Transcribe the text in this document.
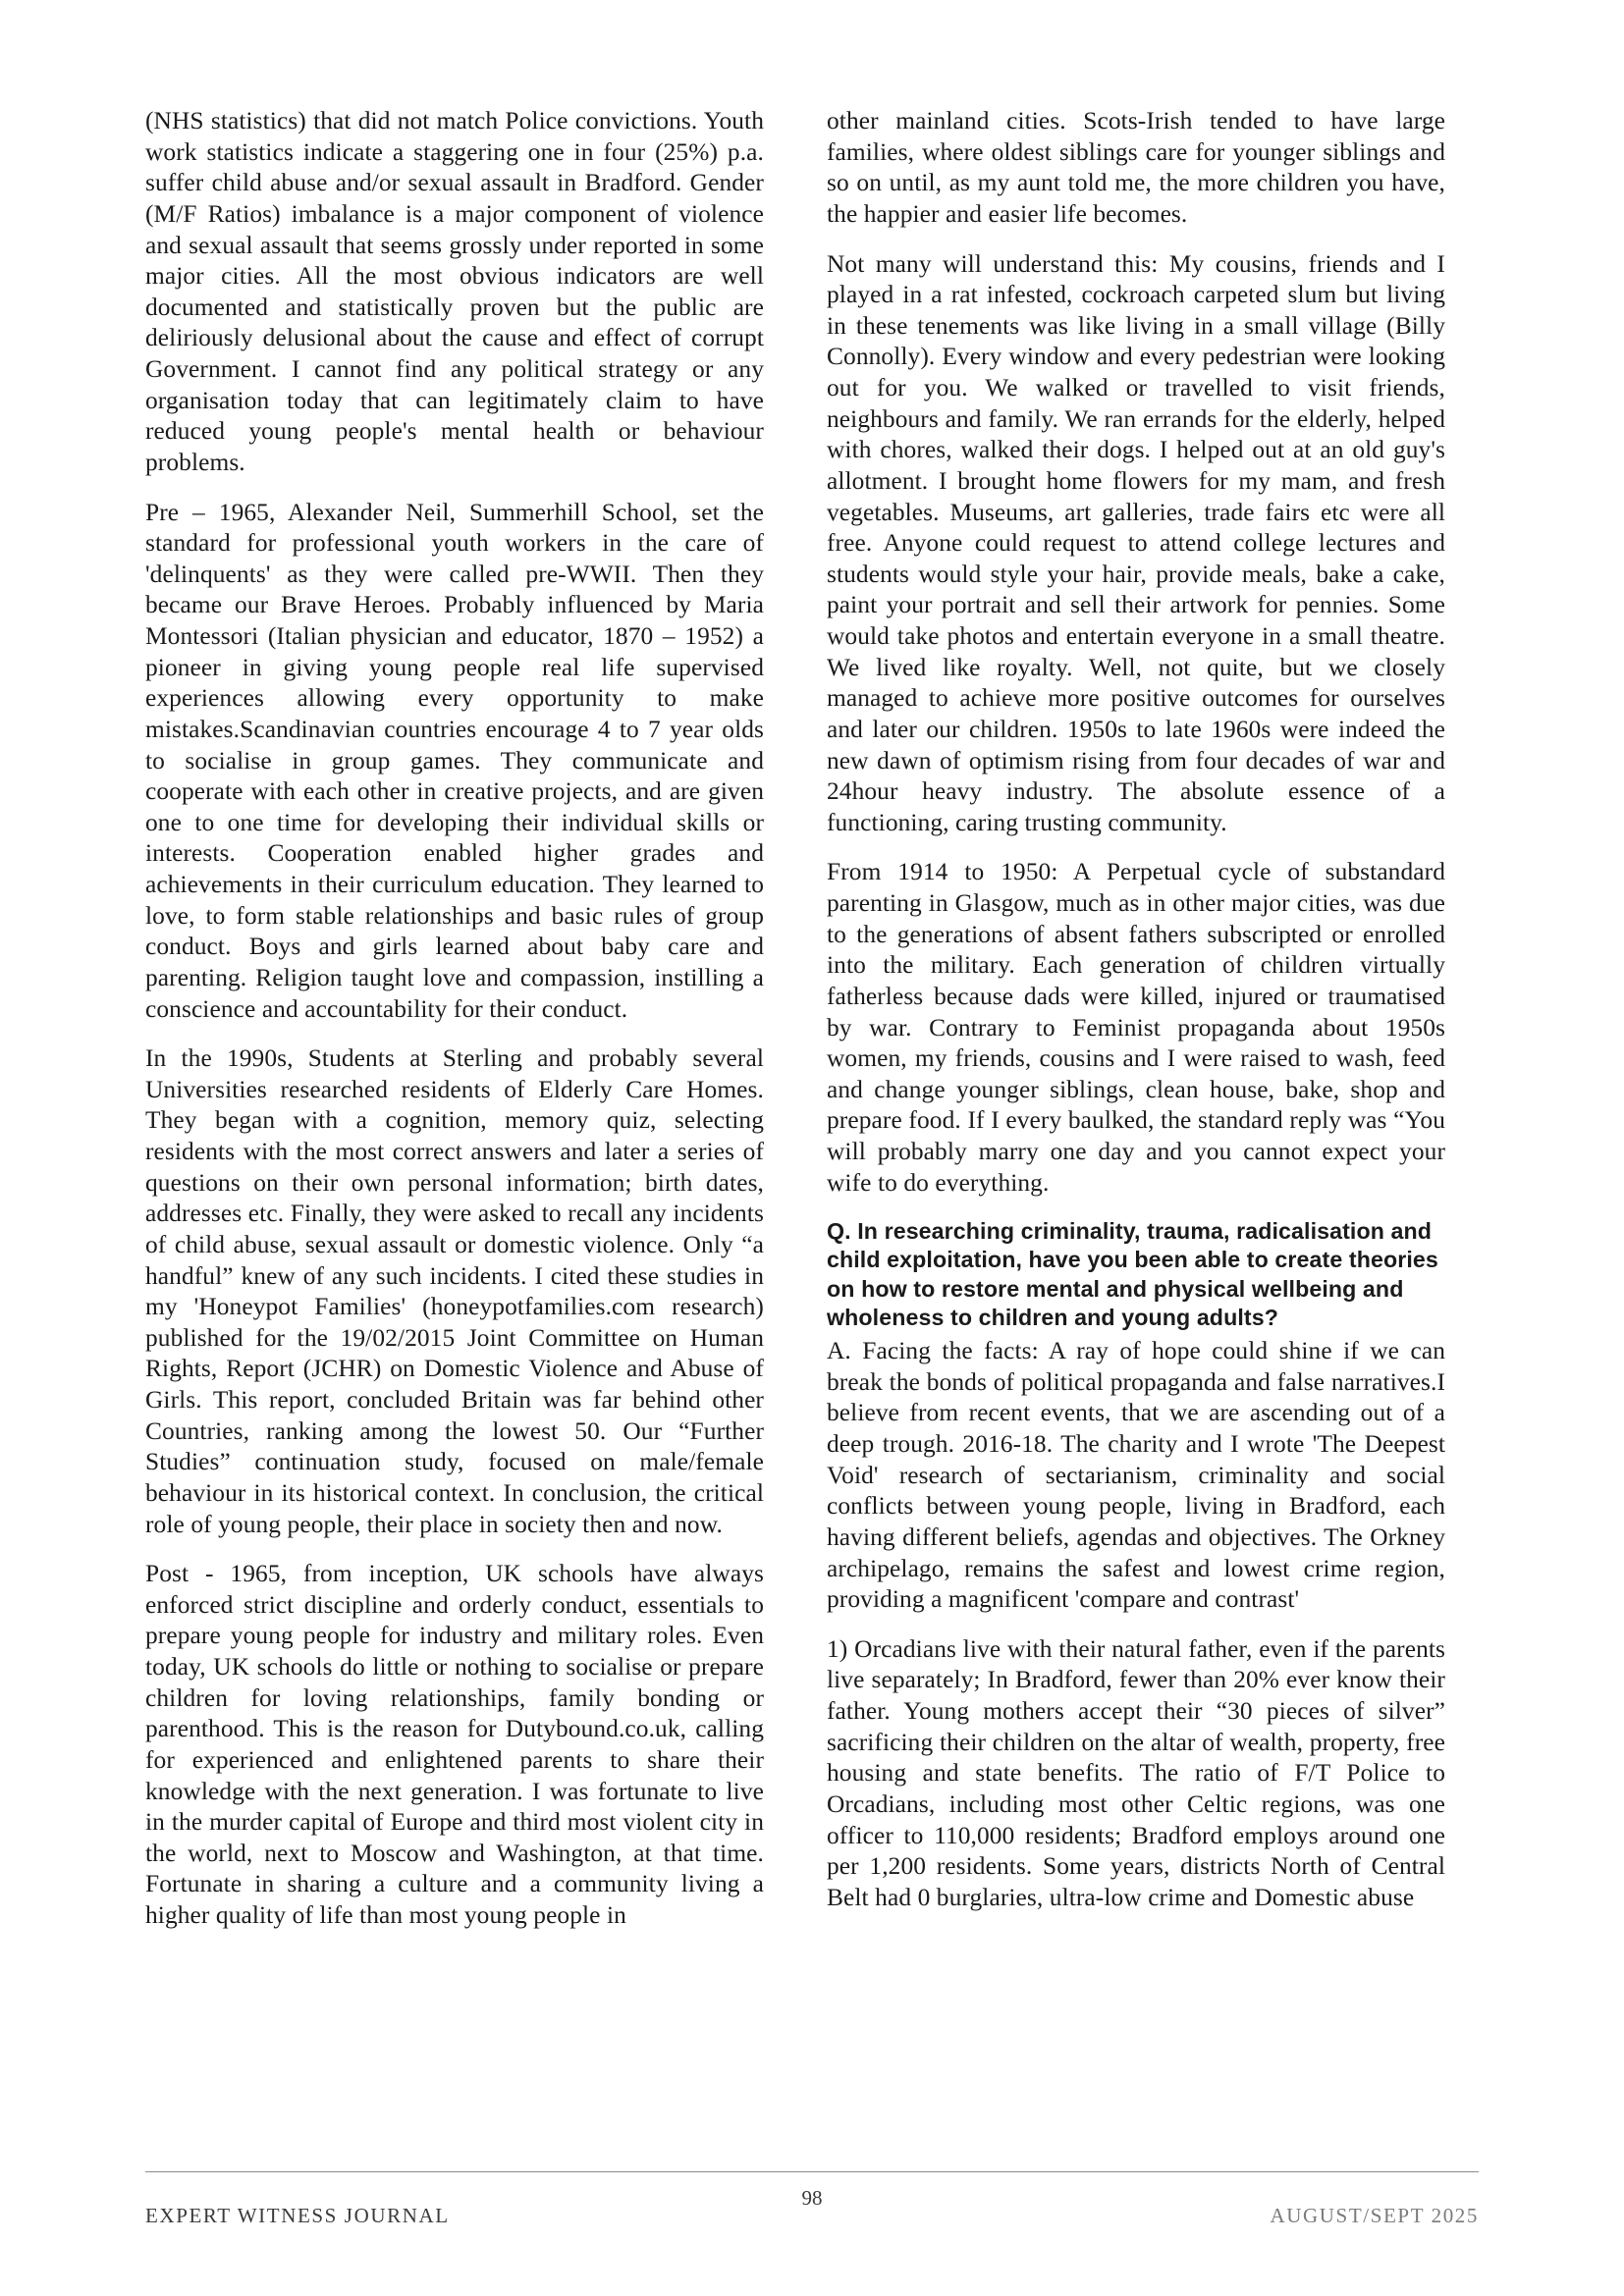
(NHS statistics) that did not match Police convictions. Youth work statistics indicate a staggering one in four (25%) p.a. suffer child abuse and/or sexual assault in Bradford. Gender (M/F Ratios) imbalance is a major component of violence and sexual assault that seems grossly under reported in some major cities. All the most obvious indicators are well documented and statistically proven but the public are deliriously delusional about the cause and effect of corrupt Government. I cannot find any political strategy or any organisation today that can legitimately claim to have reduced young people's mental health or behaviour problems.

Pre – 1965, Alexander Neil, Summerhill School, set the standard for professional youth workers in the care of 'delinquents' as they were called pre-WWII. Then they became our Brave Heroes. Probably influenced by Maria Montessori (Italian physician and educator, 1870 – 1952) a pioneer in giving young people real life supervised experiences allowing every opportunity to make mistakes.Scandinavian countries encourage 4 to 7 year olds to socialise in group games. They communicate and cooperate with each other in creative projects, and are given one to one time for developing their individual skills or interests. Cooperation enabled higher grades and achievements in their curriculum education. They learned to love, to form stable relationships and basic rules of group conduct. Boys and girls learned about baby care and parenting. Religion taught love and compassion, instilling a conscience and accountability for their conduct.

In the 1990s, Students at Sterling and probably several Universities researched residents of Elderly Care Homes. They began with a cognition, memory quiz, selecting residents with the most correct answers and later a series of questions on their own personal information; birth dates, addresses etc. Finally, they were asked to recall any incidents of child abuse, sexual assault or domestic violence. Only “a handful” knew of any such incidents. I cited these studies in my 'Honeypot Families' (honeypotfamilies.com research) published for the 19/02/2015 Joint Committee on Human Rights, Report (JCHR) on Domestic Violence and Abuse of Girls. This report, concluded Britain was far behind other Countries, ranking among the lowest 50. Our “Further Studies” continuation study, focused on male/female behaviour in its historical context. In conclusion, the critical role of young people, their place in society then and now.

Post - 1965, from inception, UK schools have always enforced strict discipline and orderly conduct, essentials to prepare young people for industry and military roles. Even today, UK schools do little or nothing to socialise or prepare children for loving relationships, family bonding or parenthood. This is the reason for Dutybound.co.uk, calling for experienced and enlightened parents to share their knowledge with the next generation. I was fortunate to live in the murder capital of Europe and third most violent city in the world, next to Moscow and Washington, at that time. Fortunate in sharing a culture and a community living a higher quality of life than most young people in

other mainland cities. Scots-Irish tended to have large families, where oldest siblings care for younger siblings and so on until, as my aunt told me, the more children you have, the happier and easier life becomes.

Not many will understand this: My cousins, friends and I played in a rat infested, cockroach carpeted slum but living in these tenements was like living in a small village (Billy Connolly). Every window and every pedestrian were looking out for you. We walked or travelled to visit friends, neighbours and family. We ran errands for the elderly, helped with chores, walked their dogs. I helped out at an old guy's allotment. I brought home flowers for my mam, and fresh vegetables. Museums, art galleries, trade fairs etc were all free. Anyone could request to attend college lectures and students would style your hair, provide meals, bake a cake, paint your portrait and sell their artwork for pennies. Some would take photos and entertain everyone in a small theatre. We lived like royalty. Well, not quite, but we closely managed to achieve more positive outcomes for ourselves and later our children. 1950s to late 1960s were indeed the new dawn of optimism rising from four decades of war and 24hour heavy industry. The absolute essence of a functioning, caring trusting community.

From 1914 to 1950: A Perpetual cycle of substandard parenting in Glasgow, much as in other major cities, was due to the generations of absent fathers subscripted or enrolled into the military. Each generation of children virtually fatherless because dads were killed, injured or traumatised by war. Contrary to Feminist propaganda about 1950s women, my friends, cousins and I were raised to wash, feed and change younger siblings, clean house, bake, shop and prepare food. If I every baulked, the standard reply was “You will probably marry one day and you cannot expect your wife to do everything.

Q. In researching criminality, trauma, radicalisation and child exploitation, have you been able to create theories on how to restore mental and physical wellbeing and wholeness to children and young adults?

A. Facing the facts: A ray of hope could shine if we can break the bonds of political propaganda and false narratives.I believe from recent events, that we are ascending out of a deep trough. 2016-18. The charity and I wrote 'The Deepest Void' research of sectarianism, criminality and social conflicts between young people, living in Bradford, each having different beliefs, agendas and objectives. The Orkney archipelago, remains the safest and lowest crime region, providing a magnificent 'compare and contrast'

1) Orcadians live with their natural father, even if the parents live separately; In Bradford, fewer than 20% ever know their father. Young mothers accept their “30 pieces of silver” sacrificing their children on the altar of wealth, property, free housing and state benefits. The ratio of F/T Police to Orcadians, including most other Celtic regions, was one officer to 110,000 residents; Bradford employs around one per 1,200 residents. Some years, districts North of Central Belt had 0 burglaries, ultra-low crime and Domestic abuse

EXPERT WITNESS JOURNAL
98
AUGUST/SEPT 2025
